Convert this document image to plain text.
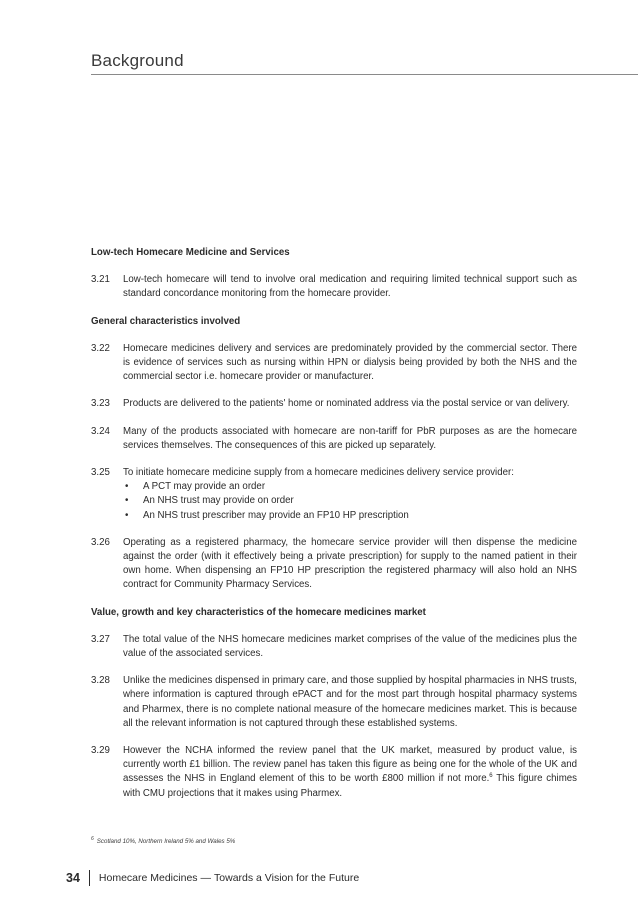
Background
Low-tech Homecare Medicine and Services
3.21	Low-tech homecare will tend to involve oral medication and requiring limited technical support such as standard concordance monitoring from the homecare provider.
General characteristics involved
3.22	Homecare medicines delivery and services are predominately provided by the commercial sector. There is evidence of services such as nursing within HPN or dialysis being provided by both the NHS and the commercial sector i.e. homecare provider or manufacturer.
3.23	Products are delivered to the patients' home or nominated address via the postal service or van delivery.
3.24	Many of the products associated with homecare are non-tariff for PbR purposes as are the homecare services themselves. The consequences of this are picked up separately.
3.25	To initiate homecare medicine supply from a homecare medicines delivery service provider:
•	A PCT may provide an order
•	An NHS trust may provide on order
•	An NHS trust prescriber may provide an FP10 HP prescription
3.26	Operating as a registered pharmacy, the homecare service provider will then dispense the medicine against the order (with it effectively being a private prescription) for supply to the named patient in their own home. When dispensing an FP10 HP prescription the registered pharmacy will also hold an NHS contract for Community Pharmacy Services.
Value, growth and key characteristics of the homecare medicines market
3.27	The total value of the NHS homecare medicines market comprises of the value of the medicines plus the value of the associated services.
3.28	Unlike the medicines dispensed in primary care, and those supplied by hospital pharmacies in NHS trusts, where information is captured through ePACT and for the most part through hospital pharmacy systems and Pharmex, there is no complete national measure of the homecare medicines market. This is because all the relevant information is not captured through these established systems.
3.29	However the NCHA informed the review panel that the UK market, measured by product value, is currently worth £1 billion. The review panel has taken this figure as being one for the whole of the UK and assesses the NHS in England element of this to be worth £800 million if not more.$^6$ This figure chimes with CMU projections that it makes using Pharmex.
$^6$ Scotland 10%, Northern Ireland 5% and Wales 5%
34 Homecare Medicines — Towards a Vision for the Future
